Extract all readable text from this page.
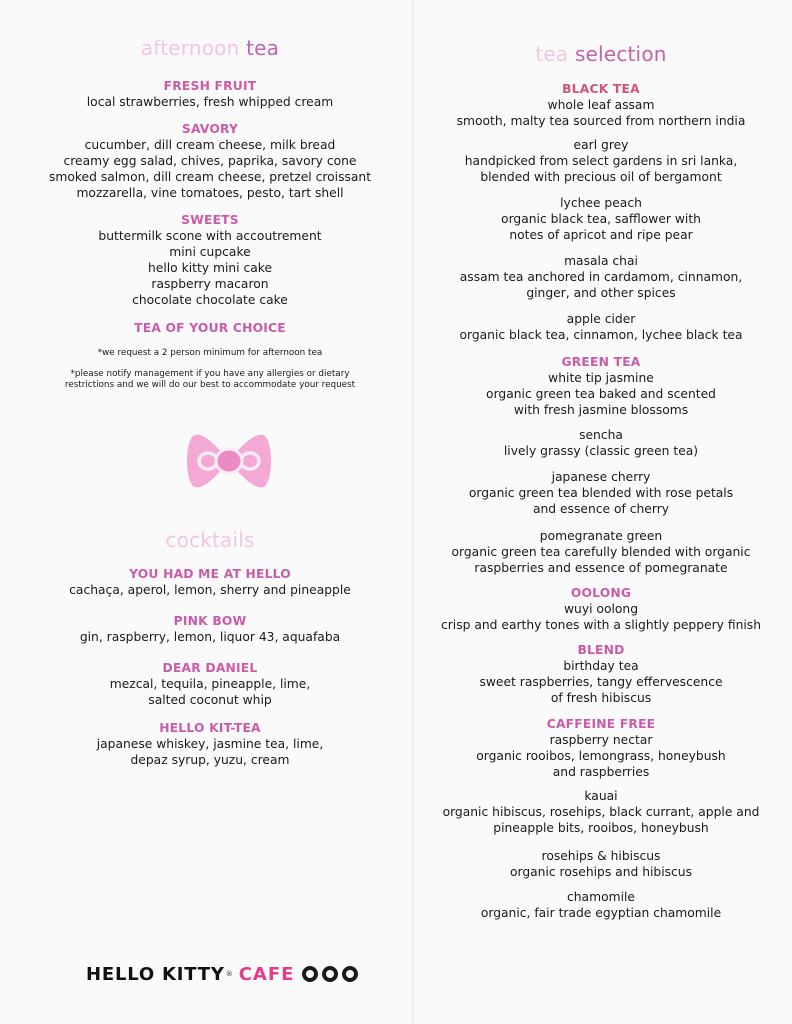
afternoon tea
FRESH FRUIT
local strawberries, fresh whipped cream
SAVORY
cucumber, dill cream cheese, milk bread
creamy egg salad, chives, paprika, savory cone
smoked salmon, dill cream cheese, pretzel croissant
mozzarella, vine tomatoes, pesto, tart shell
SWEETS
buttermilk scone with accoutrement
mini cupcake
hello kitty mini cake
raspberry macaron
chocolate chocolate cake
TEA OF YOUR CHOICE
*we request a 2 person minimum for afternoon tea
*please notify management if you have any allergies or dietary
restrictions and we will do our best to accommodate your request
cocktails
YOU HAD ME AT HELLO
cachaça, aperol, lemon, sherry and pineapple
PINK BOW
gin, raspberry, lemon, liquor 43, aquafaba
DEAR DANIEL
mezcal, tequila, pineapple, lime,
salted coconut whip
HELLO KIT-TEA
japanese whiskey, jasmine tea, lime,
depaz syrup, yuzu, cream
HELLO KITTY ® CAFE
tea selection
BLACK TEA
whole leaf assam
smooth, malty tea sourced from northern india
earl grey
handpicked from select gardens in sri lanka,
blended with precious oil of bergamont
lychee peach
organic black tea, safflower with
notes of apricot and ripe pear
masala chai
assam tea anchored in cardamom, cinnamon,
ginger, and other spices
apple cider
organic black tea, cinnamon, lychee black tea
GREEN TEA
white tip jasmine
organic green tea baked and scented
with fresh jasmine blossoms
sencha
lively grassy (classic green tea)
japanese cherry
organic green tea blended with rose petals
and essence of cherry
pomegranate green
organic green tea carefully blended with organic
raspberries and essence of pomegranate
OOLONG
wuyi oolong
crisp and earthy tones with a slightly peppery finish
BLEND
birthday tea
sweet raspberries, tangy effervescence
of fresh hibiscus
CAFFEINE FREE
raspberry nectar
organic rooibos, lemongrass, honeybush
and raspberries
kauai
organic hibiscus, rosehips, black currant, apple and
pineapple bits, rooibos, honeybush
rosehips & hibiscus
organic rosehips and hibiscus
chamomile
organic, fair trade egyptian chamomile
